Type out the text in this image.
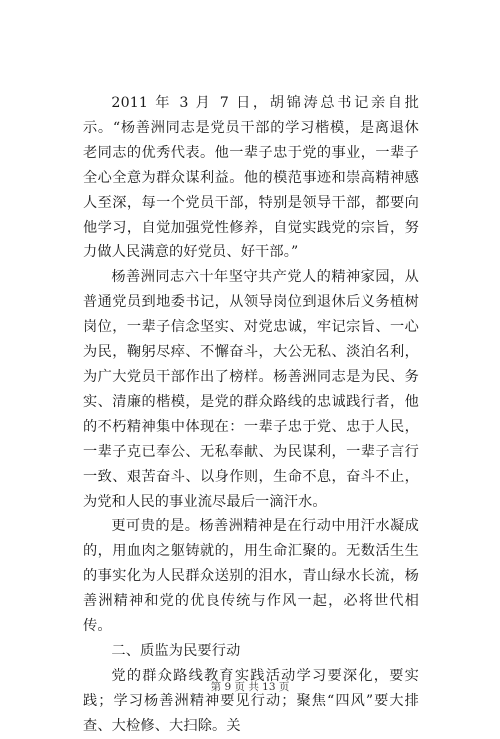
2011 年 3 月 7 日，胡锦涛总书记亲自批示。“杨善洲同志是党员干部的学习楷模，是离退休老同志的优秀代表。他一辈子忠于党的事业，一辈子全心全意为群众谋利益。他的模范事迹和崇高精神感人至深，每一个党员干部，特别是领导干部，都要向他学习，自觉加强党性修养，自觉实践党的宗旨，努力做人民满意的好党员、好干部。”

杨善洲同志六十年坚守共产党人的精神家园，从普通党员到地委书记，从领导岗位到退休后义务植树岗位，一辈子信念坚实、对党忠诚，牢记宗旨、一心为民，鞠躬尽瘁、不懈奋斗，大公无私、淡泊名利，为广大党员干部作出了榜样。杨善洲同志是为民、务实、清廉的楷模，是党的群众路线的忠诚践行者，他的不朽精神集中体现在：一辈子忠于党、忠于人民，一辈子克已奉公、无私奉献、为民谋利，一辈子言行一致、艰苦奋斗、以身作则，生命不息，奋斗不止，为党和人民的事业流尽最后一滴汗水。

更可贵的是。杨善洲精神是在行动中用汗水凝成的，用血肉之躯铸就的，用生命汇聚的。无数活生生的事实化为人民群众送别的泪水，青山绿水长流，杨善洲精神和党的优良传统与作风一起，必将世代相传。

二、质监为民要行动

党的群众路线教育实践活动学习要深化，要实践；学习杨善洲精神要见行动；聚焦“四风”要大排查、大检修、大扫除。关

第 9 页 共 13 页
